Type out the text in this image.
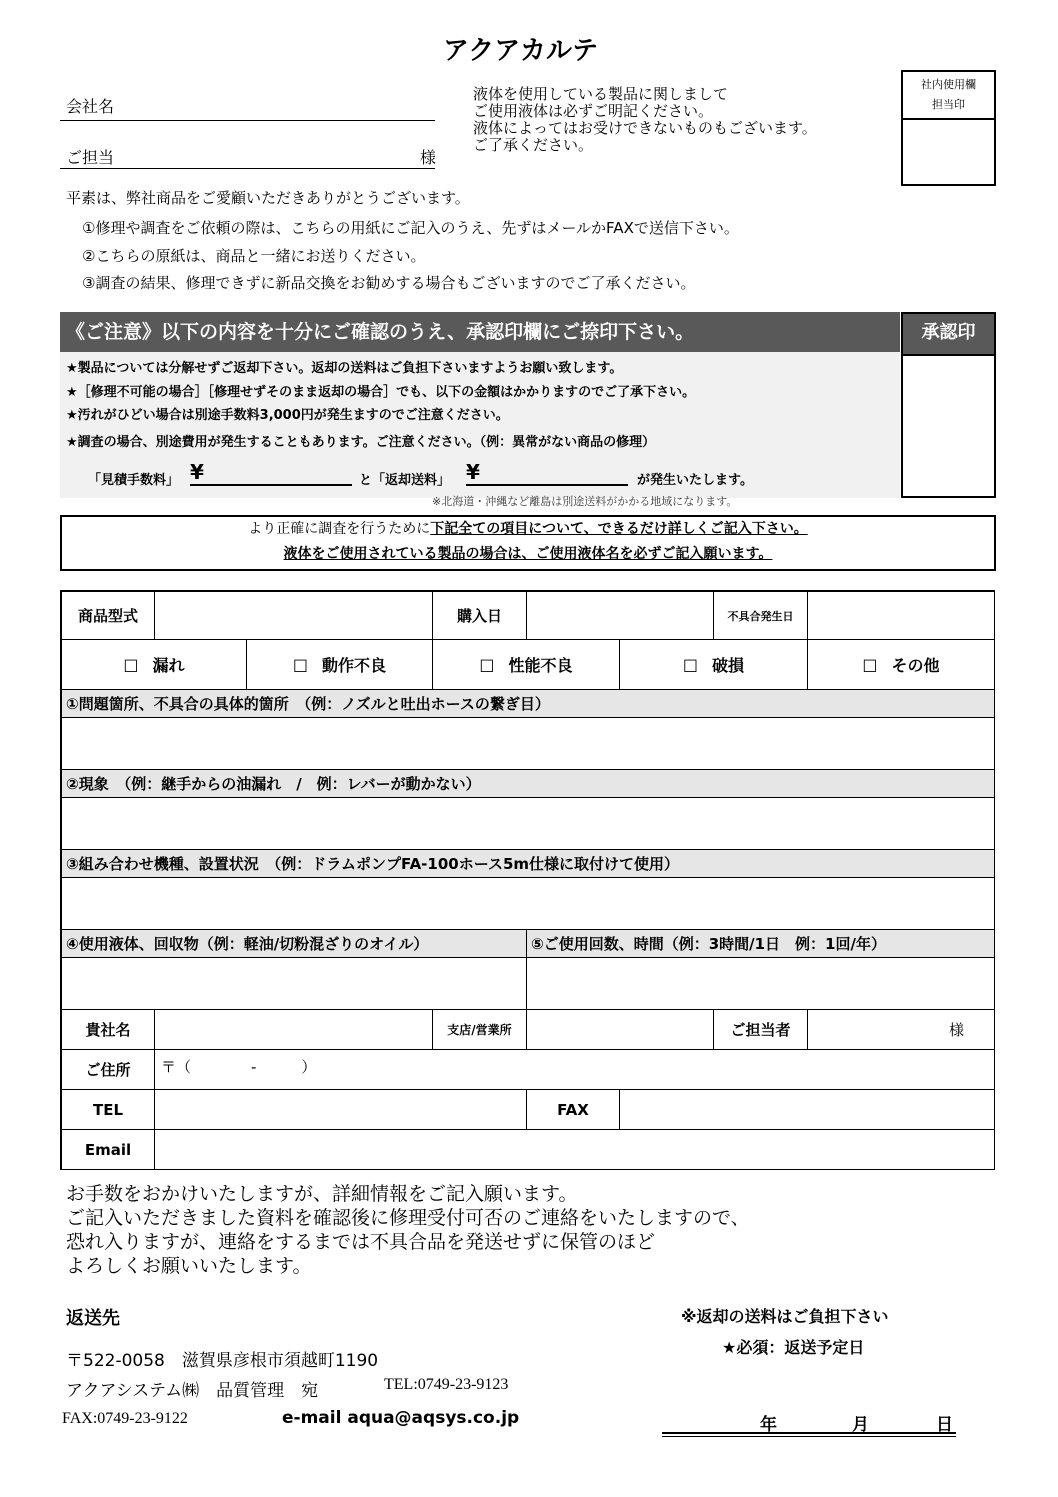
アクアカルテ
会社名
ご担当	様
液体を使用している製品に関しまして
ご使用液体は必ずご明記ください。
液体によってはお受けできないものもございます。
ご了承ください。
社内使用欄
担当印
平素は、弊社商品をご愛顧いただきありがとうございます。
①修理や調査をご依頼の際は、こちらの用紙にご記入のうえ、先ずはメールかFAXで送信下さい。
②こちらの原紙は、商品と一緒にお送りください。
③調査の結果、修理できずに新品交換をお勧めする場合もございますのでご了承ください。
《ご注意》以下の内容を十分にご確認のうえ、承認印欄にご捺印下さい。
★製品については分解せずご返却下さい。返却の送料はご負担下さいますようお願い致します。
★［修理不可能の場合］［修理せずそのまま返却の場合］でも、以下の金額はかかりますのでご了承下さい。
★汚れがひどい場合は別途手数料3,000円が発生ますのでご注意ください。
★調査の場合、別途費用が発生することもあります。ご注意ください。（例：異常がない商品の修理）
「見積手数料」 ¥	と「返却送料」 ¥	が発生いたします。
※北海道・沖縄など離島は別途送料がかかる地域になります。
承認印
より正確に調査を行うために下記全ての項目について、できるだけ詳しくご記入下さい。
液体をご使用されている製品の場合は、ご使用液体名を必ずご記入願います。
商品型式	購入日	不具合発生日
□ 漏れ	□ 動作不良	□ 性能不良	□ 破損	□ その他
①問題箇所、不具合の具体的箇所　（例：ノズルと吐出ホースの繋ぎ目）
②現象　（例：継手からの油漏れ　/　例：レバーが動かない）
③組み合わせ機種、設置状況　（例：ドラムポンプFA-100ホース5m仕様に取付けて使用）
④使用液体、回収物（例：軽油/切粉混ざりのオイル）	⑤ご使用回数、時間（例：3時間/1日　例：1回/年）
貴社名	支店/営業所	ご担当者	様
ご住所	〒（　　　　-　　　）
TEL	FAX
Email
お手数をおかけいたしますが、詳細情報をご記入願います。
ご記入いただきました資料を確認後に修理受付可否のご連絡をいたしますので、
恐れ入りますが、連絡をするまでは不具合品を発送せずに保管のほど
よろしくお願いいたします。
返送先
〒522-0058　滋賀県彦根市須越町1190
アクアシステム㈱　品質管理　宛	TEL:0749-23-9123
FAX:0749-23-9122	e-mail aqua@aqsys.co.jp
※返却の送料はご負担下さい
★必須：返送予定日
年	月	日
